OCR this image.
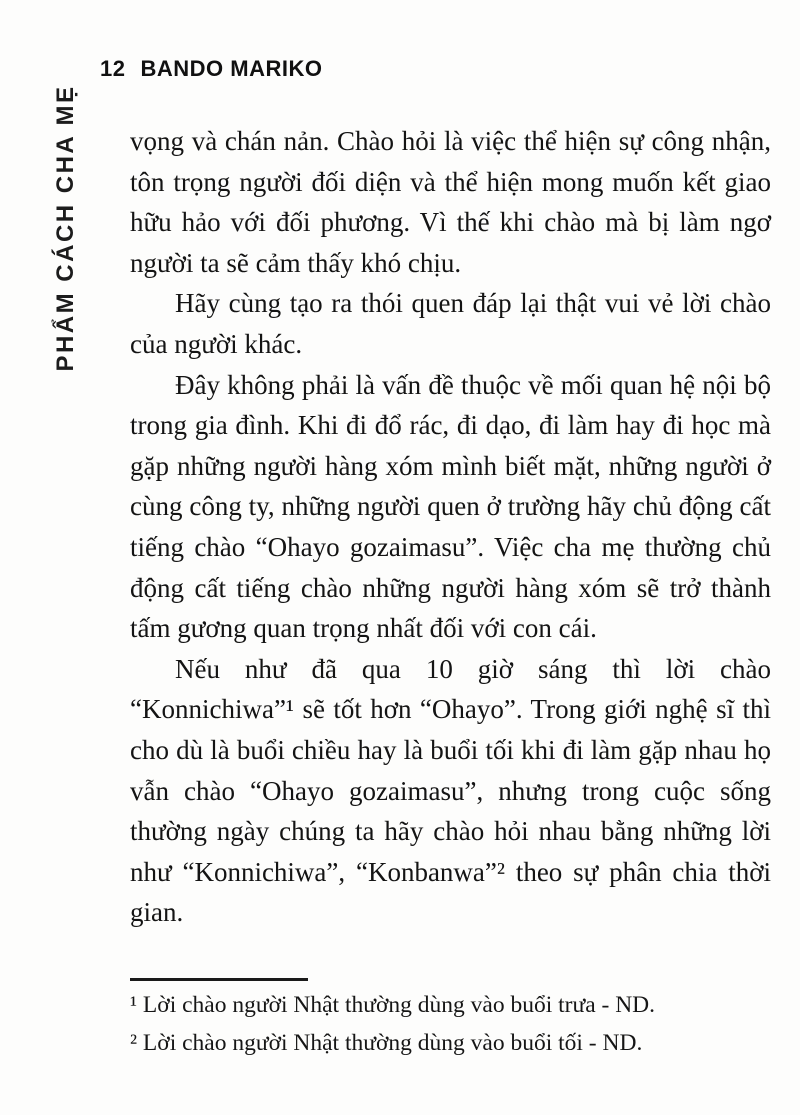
12 BANDO MARIKO
PHẨM CÁCH CHA MẸ vọng và chán nản. Chào hỏi là việc thể hiện sự công nhận, tôn trọng người đối diện và thể hiện mong muốn kết giao hữu hảo với đối phương. Vì thế khi chào mà bị làm ngơ người ta sẽ cảm thấy khó chịu.

Hãy cùng tạo ra thói quen đáp lại thật vui vẻ lời chào của người khác.

Đây không phải là vấn đề thuộc về mối quan hệ nội bộ trong gia đình. Khi đi đổ rác, đi dạo, đi làm hay đi học mà gặp những người hàng xóm mình biết mặt, những người ở cùng công ty, những người quen ở trường hãy chủ động cất tiếng chào “Ohayo gozaimasu”. Việc cha mẹ thường chủ động cất tiếng chào những người hàng xóm sẽ trở thành tấm gương quan trọng nhất đối với con cái.

Nếu như đã qua 10 giờ sáng thì lời chào “Konnichiwa”¹ sẽ tốt hơn “Ohayo”. Trong giới nghệ sĩ thì cho dù là buổi chiều hay là buổi tối khi đi làm gặp nhau họ vẫn chào “Ohayo gozaimasu”, nhưng trong cuộc sống thường ngày chúng ta hãy chào hỏi nhau bằng những lời như “Konnichiwa”, “Konbanwa”² theo sự phân chia thời gian.

¹ Lời chào người Nhật thường dùng vào buổi trưa - ND.

² Lời chào người Nhật thường dùng vào buổi tối - ND.
